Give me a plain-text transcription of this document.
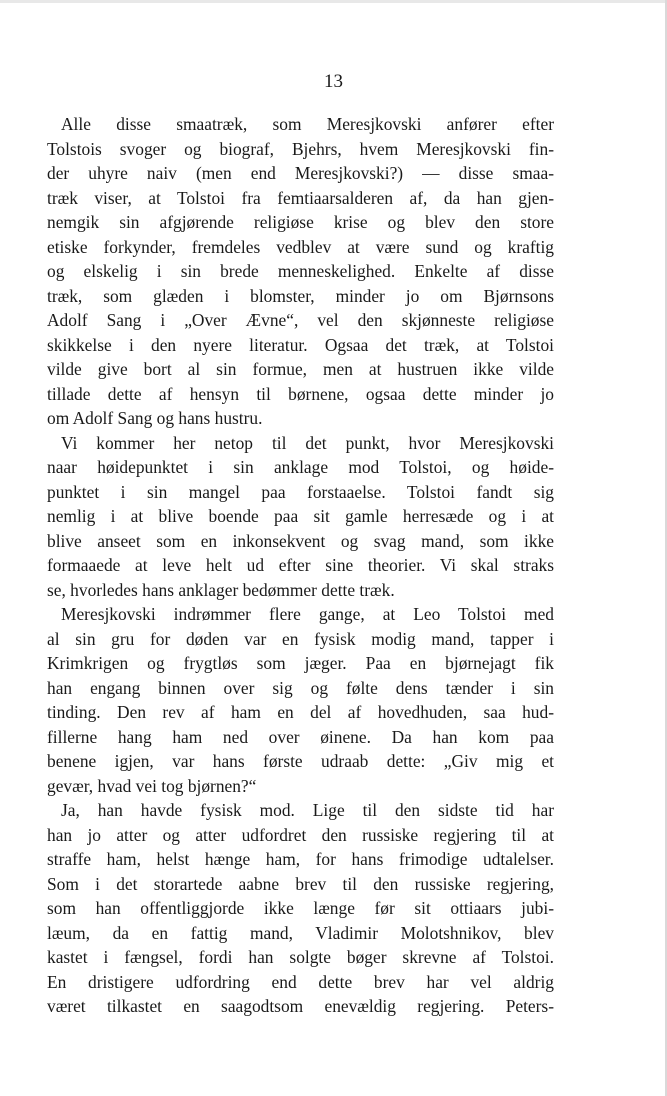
13
Alle disse smaatræk, som Meresjkovski anfører efter
Tolstois svoger og biograf, Bjehrs, hvem Meresjkovski fin-
der uhyre naiv (men end Meresjkovski?) — disse smaa-
træk viser, at Tolstoi fra femtiaarsalderen af, da han gjen-
nemgik sin afgjørende religiøse krise og blev den store
etiske forkynder, fremdeles vedblev at være sund og kraftig
og elskelig i sin brede menneskelighed. Enkelte af disse
træk, som glæden i blomster, minder jo om Bjørnsons
Adolf Sang i „Over Ævne“, vel den skjønneste religiøse
skikkelse i den nyere literatur. Ogsaa det træk, at Tolstoi
vilde give bort al sin formue, men at hustruen ikke vilde
tillade dette af hensyn til børnene, ogsaa dette minder jo
om Adolf Sang og hans hustru.
Vi kommer her netop til det punkt, hvor Meresjkovski
naar høidepunktet i sin anklage mod Tolstoi, og høide-
punktet i sin mangel paa forstaaelse. Tolstoi fandt sig
nemlig i at blive boende paa sit gamle herresæde og i at
blive anseet som en inkonsekvent og svag mand, som ikke
formaaede at leve helt ud efter sine theorier. Vi skal straks
se, hvorledes hans anklager bedømmer dette træk.
Meresjkovski indrømmer flere gange, at Leo Tolstoi med
al sin gru for døden var en fysisk modig mand, tapper i
Krimkrigen og frygtløs som jæger. Paa en bjørnejagt fik
han engang binnen over sig og følte dens tænder i sin
tinding. Den rev af ham en del af hovedhuden, saa hud-
fillerne hang ham ned over øinene. Da han kom paa
benene igjen, var hans første udraab dette: „Giv mig et
gevær, hvad vei tog bjørnen?“
Ja, han havde fysisk mod. Lige til den sidste tid har
han jo atter og atter udfordret den russiske regjering til at
straffe ham, helst hænge ham, for hans frimodige udtalelser.
Som i det storartede aabne brev til den russiske regjering,
som han offentliggjorde ikke længe før sit ottiaars jubi-
læum, da en fattig mand, Vladimir Molotshnikov, blev
kastet i fængsel, fordi han solgte bøger skrevne af Tolstoi.
En dristigere udfordring end dette brev har vel aldrig
været tilkastet en saagodtsom enevældig regjering. Peters-
